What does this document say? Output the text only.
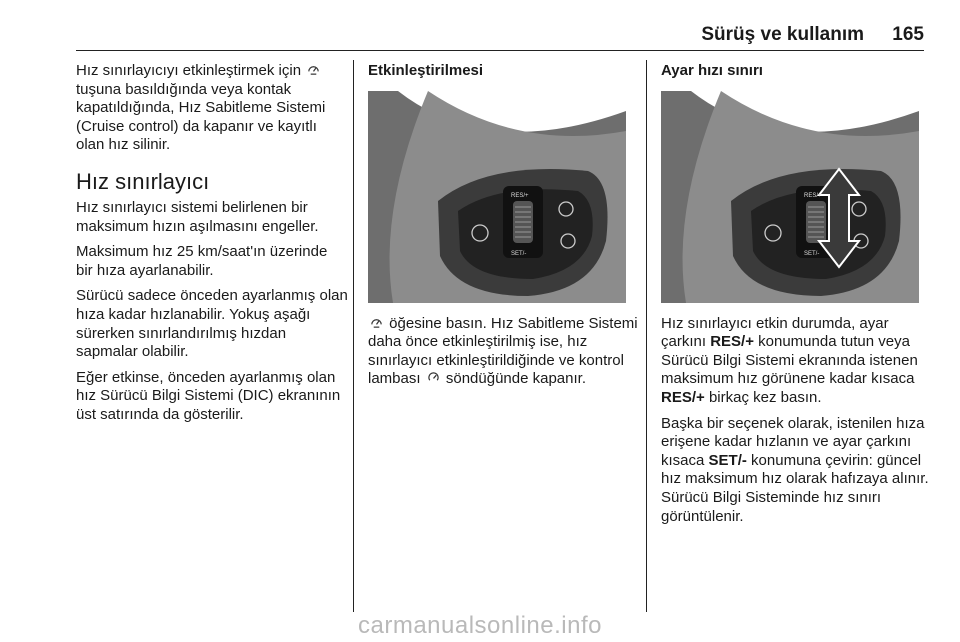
Sürüş ve kullanım 165

Hız sınırlayıcıyı etkinleştirmek için  tuşuna basıldığında veya kontak kapatıldığında, Hız Sabitleme Sistemi (Cruise control) da kapanır ve kayıtlı olan hız silinir.

Hız sınırlayıcı

Hız sınırlayıcı sistemi belirlenen bir maksimum hızın aşılmasını engeller.

Maksimum hız 25 km/saat'ın üzerinde bir hıza ayarlanabilir.

Sürücü sadece önceden ayarlanmış olan hıza kadar hızlanabilir. Yokuş aşağı sürerken sınırlandırılmış hızdan sapmalar olabilir.

Eğer etkinse, önceden ayarlanmış olan hız Sürücü Bilgi Sistemi (DIC) ekranının üst satırında da gösterilir.

Etkinleştirilmesi
RES/+
SET/-

öğesine basın. Hız Sabitleme Sistemi daha önce etkinleştirilmiş ise, hız sınırlayıcı etkinleştirildiğinde ve kontrol lambası söndüğünde kapanır.

Ayar hızı sınırı
RES/+
SET/-

Hız sınırlayıcı etkin durumda, ayar çarkını RES/+ konumunda tutun veya Sürücü Bilgi Sistemi ekranında istenen maksimum hız görünene kadar kısaca RES/+ birkaç kez basın.

Başka bir seçenek olarak, istenilen hıza erişene kadar hızlanın ve ayar çarkını kısaca SET/- konumuna çevirin: güncel hız maksimum hız olarak hafızaya alınır. Sürücü Bilgi Sisteminde hız sınırı görüntülenir.

carmanualsonline.info
